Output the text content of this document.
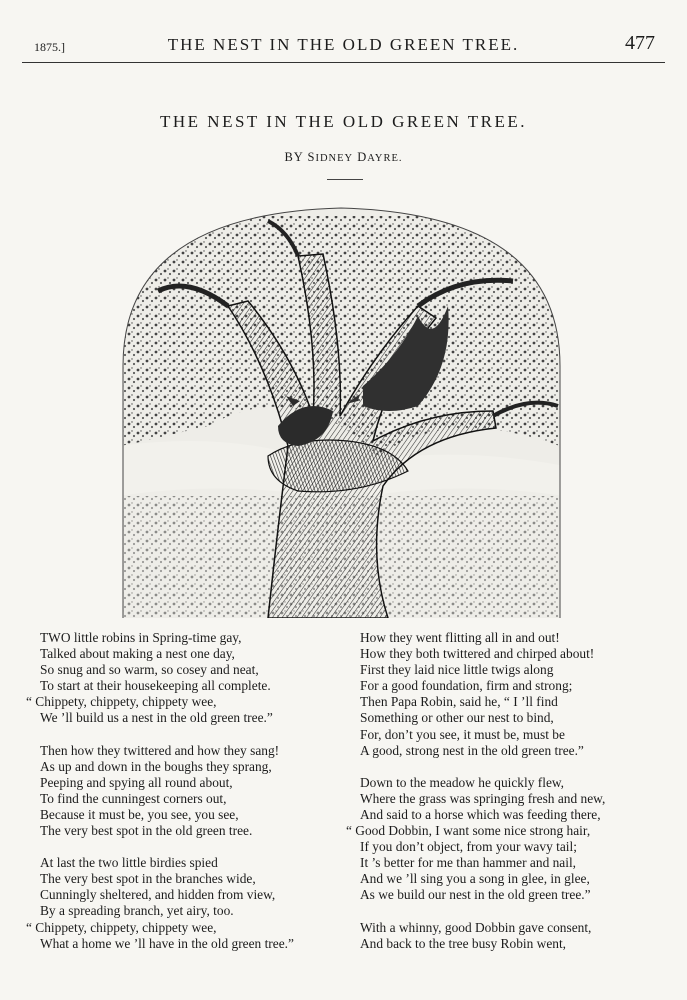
1875.]	THE NEST IN THE OLD GREEN TREE.	477
THE NEST IN THE OLD GREEN TREE.
BY SIDNEY DAYRE.
TWO little robins in Spring-time gay,
Talked about making a nest one day,
So snug and so warm, so cosey and neat,
To start at their housekeeping all complete.
“ Chippety, chippety, chippety wee,
We ’ll build us a nest in the old green tree.”
Then how they twittered and how they sang!
As up and down in the boughs they sprang,
Peeping and spying all round about,
To find the cunningest corners out,
Because it must be, you see, you see,
The very best spot in the old green tree.
At last the two little birdies spied
The very best spot in the branches wide,
Cunningly sheltered, and hidden from view,
By a spreading branch, yet airy, too.
“ Chippety, chippety, chippety wee,
What a home we ’ll have in the old green tree.”
How they went flitting all in and out!
How they both twittered and chirped about!
First they laid nice little twigs along
For a good foundation, firm and strong;
Then Papa Robin, said he, “ I ’ll find
Something or other our nest to bind,
For, don’t you see, it must be, must be
A good, strong nest in the old green tree.”
Down to the meadow he quickly flew,
Where the grass was springing fresh and new,
And said to a horse which was feeding there,
“ Good Dobbin, I want some nice strong hair,
If you don’t object, from your wavy tail;
It ’s better for me than hammer and nail,
And we ’ll sing you a song in glee, in glee,
As we build our nest in the old green tree.”
With a whinny, good Dobbin gave consent,
And back to the tree busy Robin went,
